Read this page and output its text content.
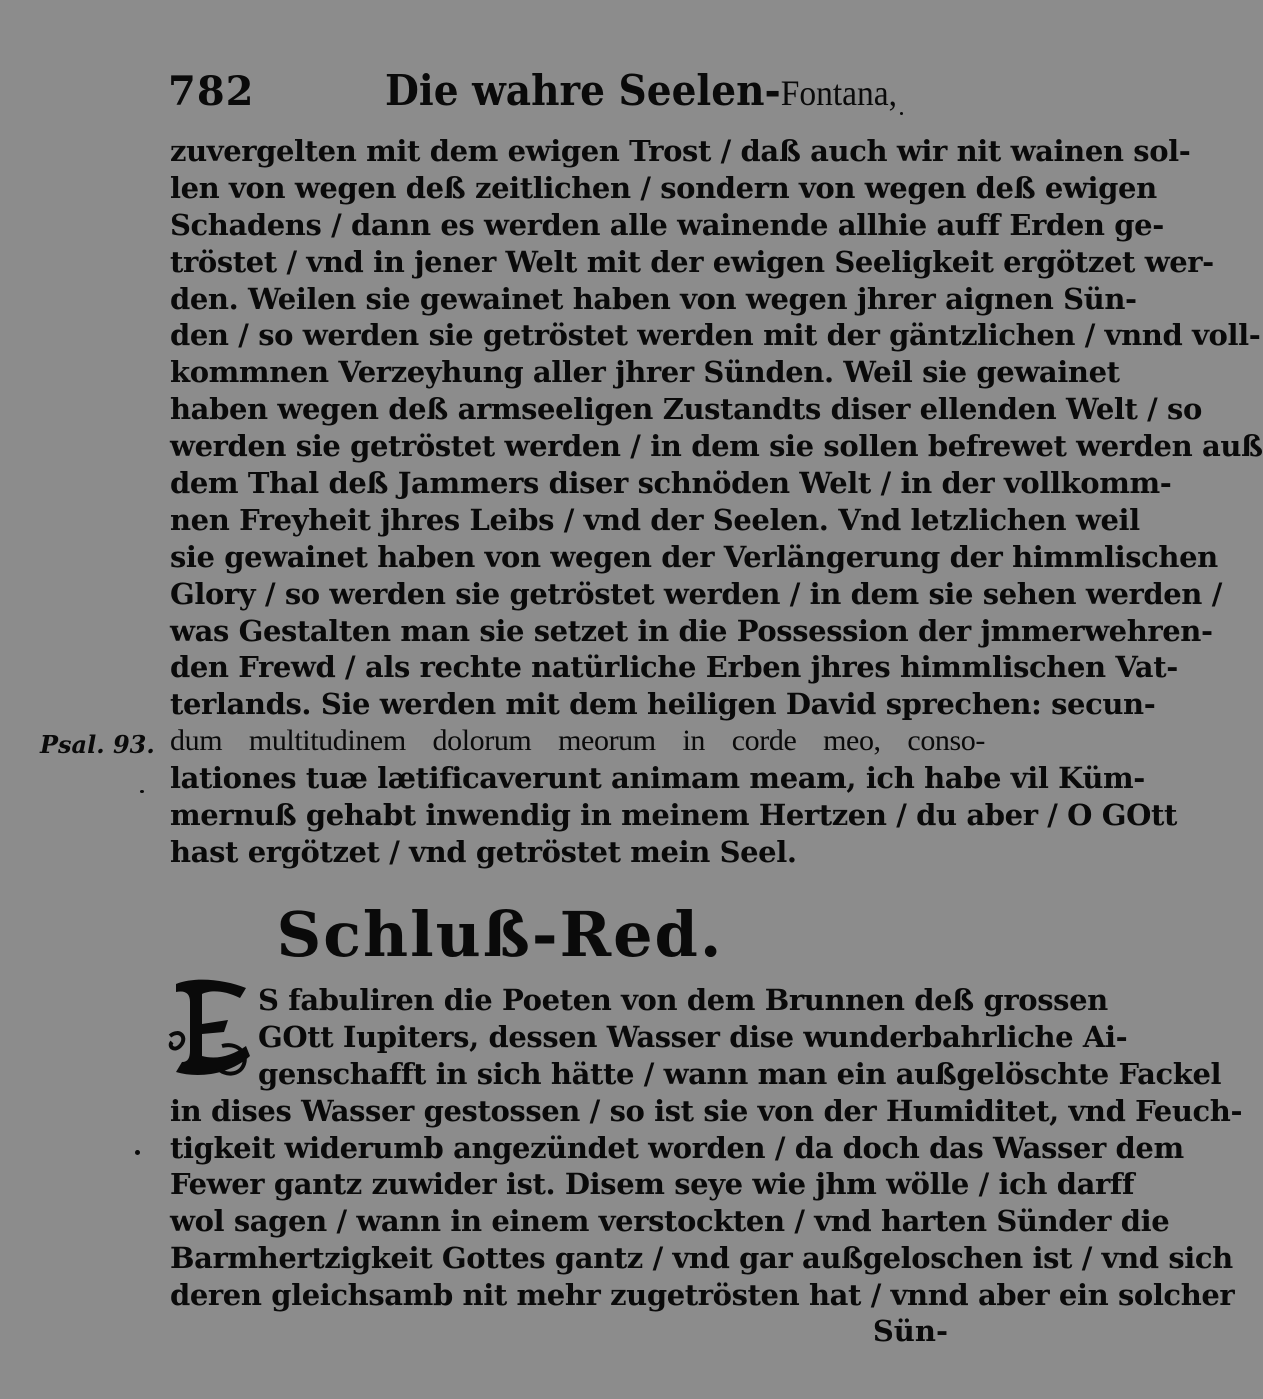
782	Die wahre Seelen-Fontana,
zuvergelten mit dem ewigen Trost / daß auch wir nit wainen sol-
len von wegen deß zeitlichen / sondern von wegen deß ewigen
Schadens / dann es werden alle wainende allhie auff Erden ge-
tröstet / vnd in jener Welt mit der ewigen Seeligkeit ergötzet wer-
den. Weilen sie gewainet haben von wegen jhrer aignen Sün-
den / so werden sie getröstet werden mit der gäntzlichen / vnnd voll-
kommnen Verzeyhung aller jhrer Sünden. Weil sie gewainet
haben wegen deß armseeligen Zustandts diser ellenden Welt / so
werden sie getröstet werden / in dem sie sollen befrewet werden auß
dem Thal deß Jammers diser schnöden Welt / in der vollkomm-
nen Freyheit jhres Leibs / vnd der Seelen. Vnd letzlichen weil
sie gewainet haben von wegen der Verlängerung der himmlischen
Glory / so werden sie getröstet werden / in dem sie sehen werden /
was Gestalten man sie setzet in die Possession der jmmerwehren-
den Frewd / als rechte natürliche Erben jhres himmlischen Vat-
terlands. Sie werden mit dem heiligen David sprechen: secun-
dum multitudinem dolorum meorum in corde meo, conso-
lationes tuæ lætificaverunt animam meam, ich habe vil Küm-
mernuß gehabt inwendig in meinem Hertzen / du aber / O GOtt
hast ergötzet / vnd getröstet mein Seel.
Psal. 93.
Schluß-Red.
S fabuliren die Poeten von dem Brunnen deß grossen
GOtt Iupiters, dessen Wasser dise wunderbahrliche Ai-
genschafft in sich hätte / wann man ein außgelöschte Fackel
in dises Wasser gestossen / so ist sie von der Humiditet, vnd Feuch-
tigkeit widerumb angezündet worden / da doch das Wasser dem
Fewer gantz zuwider ist. Disem seye wie jhm wölle / ich darff
wol sagen / wann in einem verstockten / vnd harten Sünder die
Barmhertzigkeit Gottes gantz / vnd gar außgeloschen ist / vnd sich
deren gleichsamb nit mehr zugetrösten hat / vnnd aber ein solcher
Sün-
